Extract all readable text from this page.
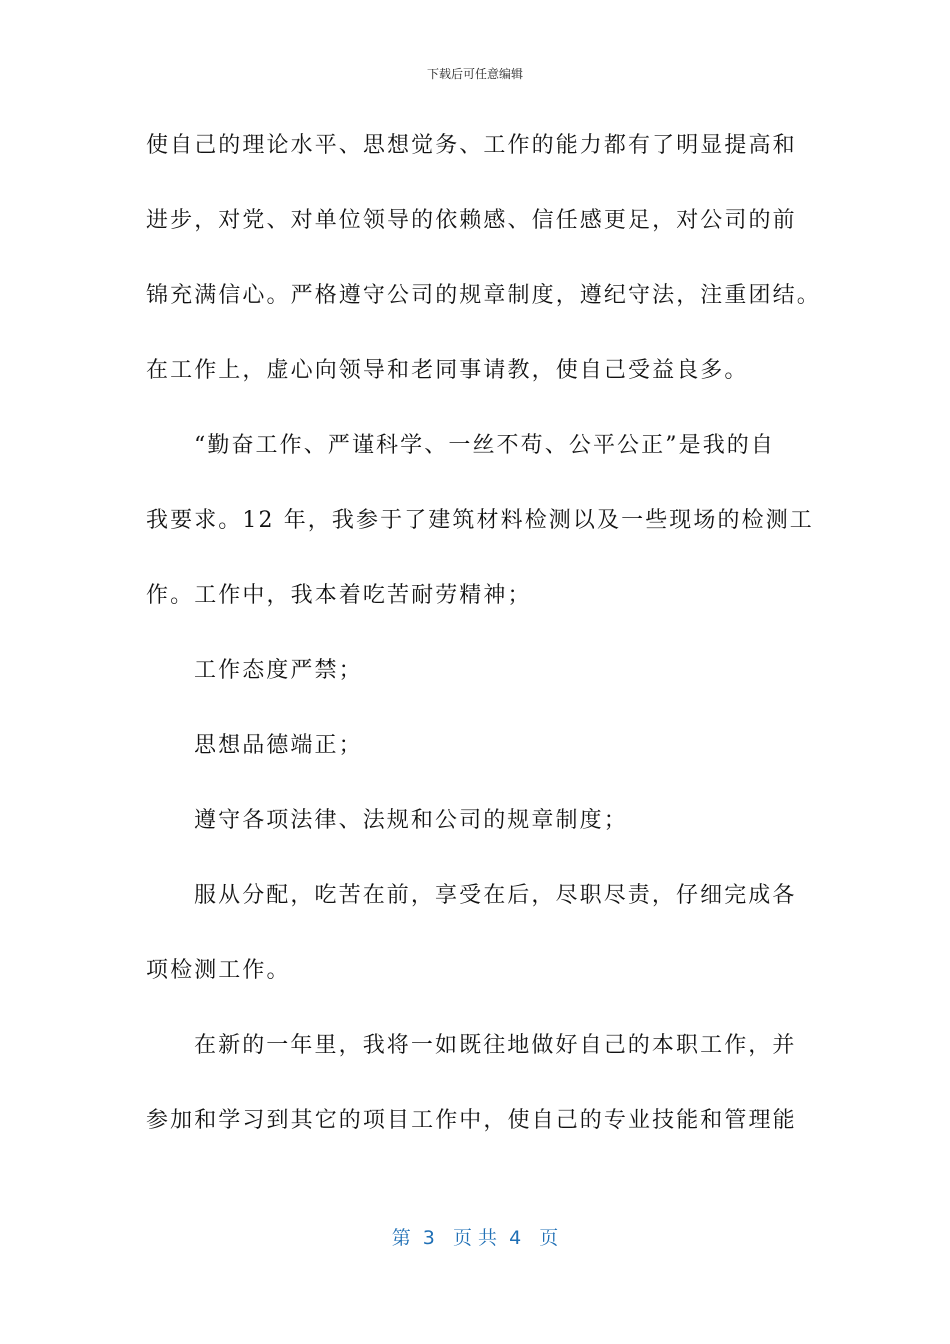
下载后可任意编辑
使自己的理论水平、思想觉务、工作的能力都有了明显提高和
进步，对党、对单位领导的依赖感、信任感更足，对公司的前
锦充满信心。严格遵守公司的规章制度，遵纪守法，注重团结。
在工作上，虚心向领导和老同事请教，使自己受益良多。
“勤奋工作、严谨科学、一丝不苟、公平公正”是我的自
我要求。12 年，我参于了建筑材料检测以及一些现场的检测工
作。工作中，我本着吃苦耐劳精神；
工作态度严禁；
思想品德端正；
遵守各项法律、法规和公司的规章制度；
服从分配，吃苦在前，享受在后，尽职尽责，仔细完成各
项检测工作。
在新的一年里，我将一如既往地做好自己的本职工作，并
参加和学习到其它的项目工作中，使自己的专业技能和管理能
第  3   页 共  4   页
